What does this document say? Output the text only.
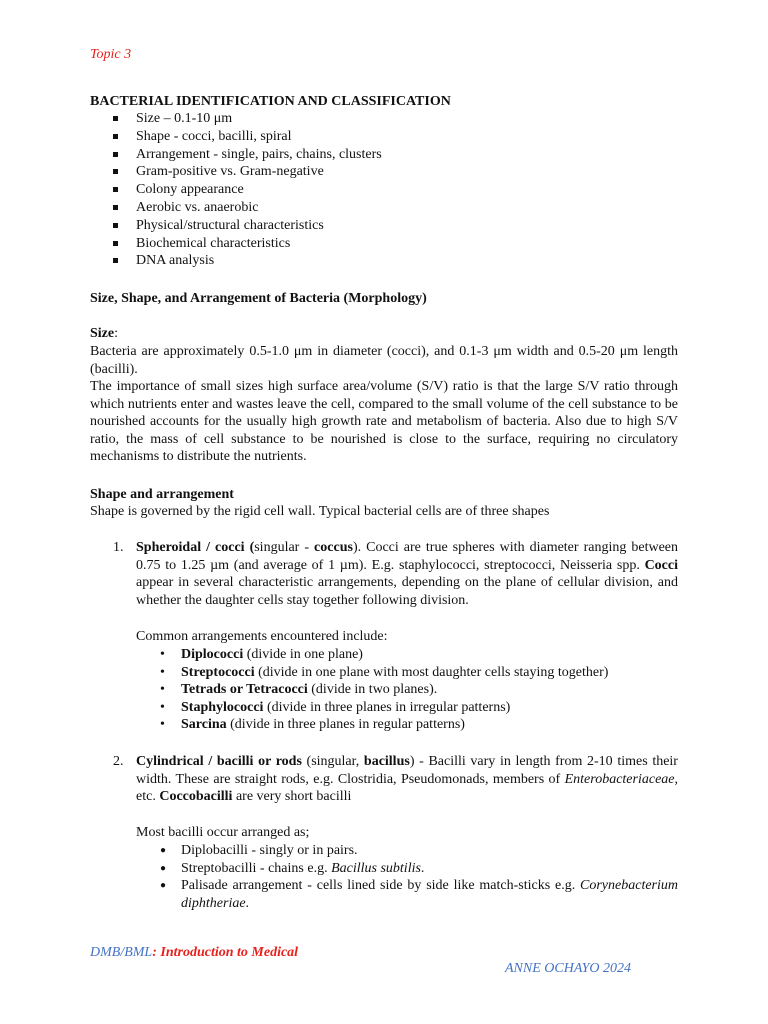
Topic 3
BACTERIAL IDENTIFICATION AND CLASSIFICATION
Size – 0.1-10 μm
Shape - cocci, bacilli, spiral
Arrangement - single, pairs, chains, clusters
Gram-positive vs. Gram-negative
Colony appearance
Aerobic vs. anaerobic
Physical/structural characteristics
Biochemical characteristics
DNA analysis
Size, Shape, and Arrangement of Bacteria (Morphology)
Size:
Bacteria are approximately 0.5-1.0 μm in diameter (cocci), and 0.1-3 μm width and 0.5-20 μm length (bacilli).
The importance of small sizes high surface area/volume (S/V) ratio is that the large S/V ratio through which nutrients enter and wastes leave the cell, compared to the small volume of the cell substance to be nourished accounts for the usually high growth rate and metabolism of bacteria. Also due to high S/V ratio, the mass of cell substance to be nourished is close to the surface, requiring no circulatory mechanisms to distribute the nutrients.
Shape and arrangement
Shape is governed by the rigid cell wall. Typical bacterial cells are of three shapes
1. Spheroidal / cocci (singular - coccus). Cocci are true spheres with diameter ranging between 0.75 to 1.25 µm (and average of 1 µm). E.g. staphylococci, streptococci, Neisseria spp. Cocci appear in several characteristic arrangements, depending on the plane of cellular division, and whether the daughter cells stay together following division.
Common arrangements encountered include:
• Diplococci (divide in one plane)
• Streptococci (divide in one plane with most daughter cells staying together)
• Tetrads or Tetracocci (divide in two planes).
• Staphylococci (divide in three planes in irregular patterns)
• Sarcina (divide in three planes in regular patterns)
2. Cylindrical / bacilli or rods (singular, bacillus) - Bacilli vary in length from 2-10 times their width. These are straight rods, e.g. Clostridia, Pseudomonads, members of Enterobacteriaceae, etc. Coccobacilli are very short bacilli
Most bacilli occur arranged as;
● Diplobacilli - singly or in pairs.
● Streptobacilli - chains e.g. Bacillus subtilis.
● Palisade arrangement - cells lined side by side like match-sticks e.g. Corynebacterium diphtheriae.
DMB/BML: Introduction to Medical
ANNE OCHAYO 2024
